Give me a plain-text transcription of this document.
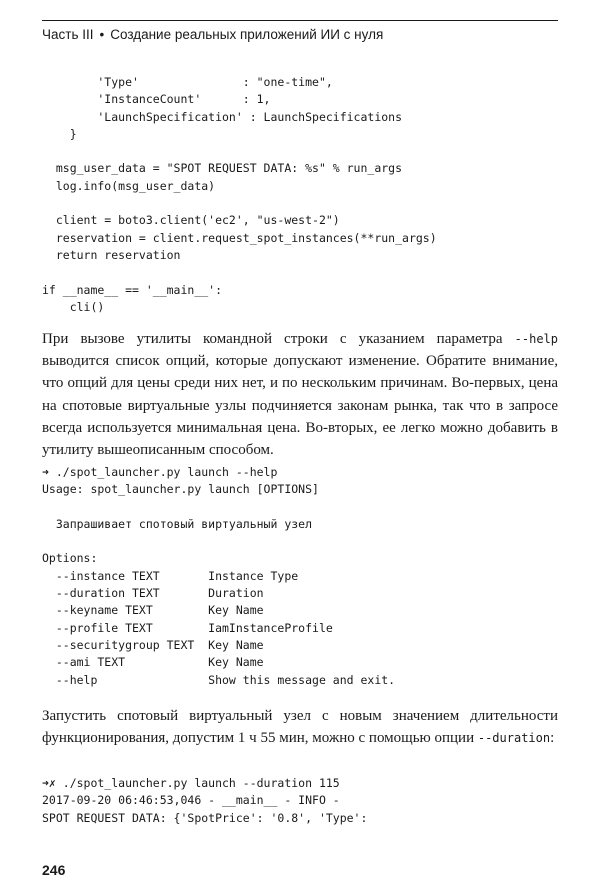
Часть III • Создание реальных приложений ИИ с нуля
'Type'               : "one-time",
'InstanceCount'      : 1,
'LaunchSpecification' : LaunchSpecifications
}

msg_user_data = "SPOT REQUEST DATA: %s" % run_args
log.info(msg_user_data)

client = boto3.client('ec2', "us-west-2")
reservation = client.request_spot_instances(**run_args)
return reservation

if __name__ == '__main__':
cli()

При вызове утилиты командной строки с указанием параметра --help выводится список опций, которые допускают изменение. Обратите внимание, что опций для цены среди них нет, и по нескольким причинам. Во-первых, цена на спотовые виртуальные узлы подчиняется законам рынка, так что в запросе всегда используется минимальная цена. Во-вторых, ее легко можно добавить в утилиту вышеописанным способом.

➜ ./spot_launcher.py launch --help
Usage: spot_launcher.py launch [OPTIONS]

Запрашивает спотовый виртуальный узел

Options:
--instance TEXT       Instance Type
--duration TEXT       Duration
--keyname TEXT        Key Name
--profile TEXT        IamInstanceProfile
--securitygroup TEXT  Key Name
--ami TEXT            Key Name
--help                Show this message and exit.

Запустить спотовый виртуальный узел с новым значением длительности функционирования, допустим 1 ч 55 мин, можно с помощью опции --duration:

➜✗ ./spot_launcher.py launch --duration 115
2017-09-20 06:46:53,046 - __main__ - INFO -
SPOT REQUEST DATA: {'SpotPrice': '0.8', 'Type':
246
